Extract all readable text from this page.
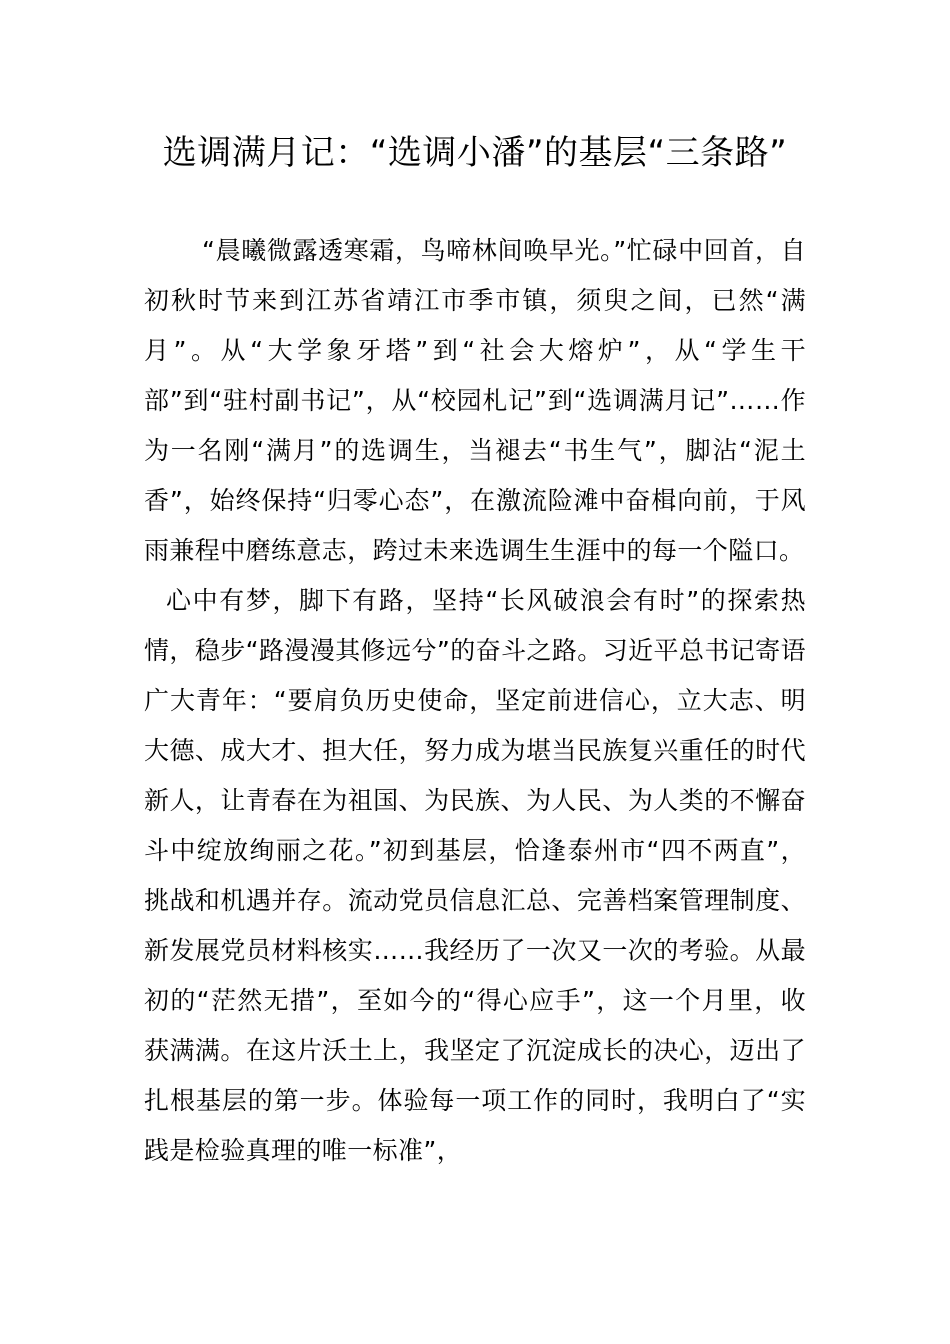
选调满月记：“选调小潘”的基层“三条路”

“晨曦微露透寒霜，鸟啼林间唤早光。”忙碌中回首，自初秋时节来到江苏省靖江市季市镇，须臾之间，已然“满月”。从“大学象牙塔”到“社会大熔炉”，从“学生干部”到“驻村副书记”，从“校园札记”到“选调满月记”……作为一名刚“满月”的选调生，当褪去“书生气”，脚沾“泥土香”，始终保持“归零心态”，在激流险滩中奋楫向前，于风雨兼程中磨练意志，跨过未来选调生生涯中的每一个隘口。

心中有梦，脚下有路，坚持“长风破浪会有时”的探索热情，稳步“路漫漫其修远兮”的奋斗之路。习近平总书记寄语广大青年：“要肩负历史使命，坚定前进信心，立大志、明大德、成大才、担大任，努力成为堪当民族复兴重任的时代新人，让青春在为祖国、为民族、为人民、为人类的不懈奋斗中绽放绚丽之花。”初到基层，恰逢泰州市“四不两直”，挑战和机遇并存。流动党员信息汇总、完善档案管理制度、新发展党员材料核实……我经历了一次又一次的考验。从最初的“茫然无措”，至如今的“得心应手”，这一个月里，收获满满。在这片沃土上，我坚定了沉淀成长的决心，迈出了扎根基层的第一步。体验每一项工作的同时，我明白了“实践是检验真理的唯一标准”，
